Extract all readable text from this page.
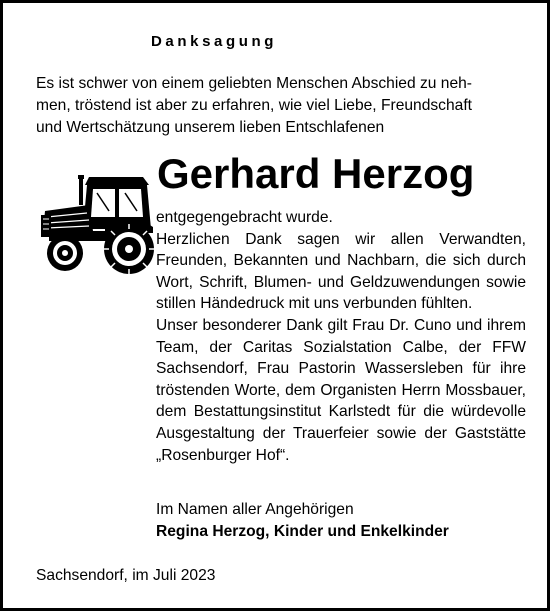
Danksagung
Es ist schwer von einem geliebten Menschen Abschied zu neh-
men, tröstend ist aber zu erfahren, wie viel Liebe, Freundschaft
und Wertschätzung unserem lieben Entschlafenen
Gerhard Herzog

entgegengebracht wurde.

Herzlichen Dank sagen wir allen Verwandten, Freunden, Bekannten und Nachbarn, die sich durch Wort, Schrift, Blumen- und Geldzuwendungen sowie stillen Händedruck mit uns verbunden fühlten.

Unser besonderer Dank gilt Frau Dr. Cuno und ihrem Team, der Caritas Sozialstation Calbe, der FFW Sachsendorf, Frau Pastorin Wassersleben für ihre tröstenden Worte, dem Organisten Herrn Mossbauer, dem Bestattungsinstitut Karlstedt für die würdevolle Ausgestaltung der Trauerfeier sowie der Gaststätte „Rosenburger Hof“.

Im Namen aller Angehörigen
Regina Herzog, Kinder und Enkelkinder
Sachsendorf, im Juli 2023
